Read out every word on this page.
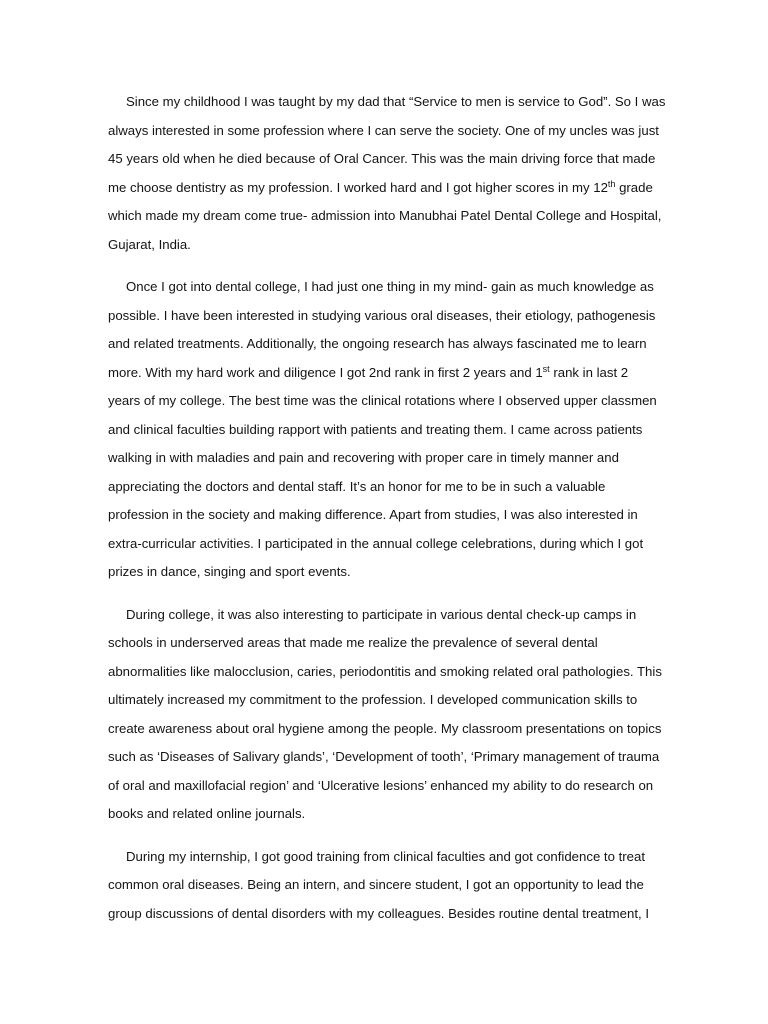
Since my childhood I was taught by my dad that “Service to men is service to God”. So I was
always interested in some profession where I can serve the society. One of my uncles was just
45 years old when he died because of Oral Cancer. This was the main driving force that made
me choose dentistry as my profession. I worked hard and I got higher scores in my 12th grade
which made my dream come true- admission into Manubhai Patel Dental College and Hospital,
Gujarat, India.
Once I got into dental college, I had just one thing in my mind- gain as much knowledge as
possible. I have been interested in studying various oral diseases, their etiology, pathogenesis
and related treatments. Additionally, the ongoing research has always fascinated me to learn
more. With my hard work and diligence I got 2nd rank in first 2 years and 1st rank in last 2
years of my college. The best time was the clinical rotations where I observed upper classmen
and clinical faculties building rapport with patients and treating them. I came across patients
walking in with maladies and pain and recovering with proper care in timely manner and
appreciating the doctors and dental staff. It’s an honor for me to be in such a valuable
profession in the society and making difference. Apart from studies, I was also interested in
extra-curricular activities. I participated in the annual college celebrations, during which I got
prizes in dance, singing and sport events.
During college, it was also interesting to participate in various dental check-up camps in
schools in underserved areas that made me realize the prevalence of several dental
abnormalities like malocclusion, caries, periodontitis and smoking related oral pathologies. This
ultimately increased my commitment to the profession. I developed communication skills to
create awareness about oral hygiene among the people. My classroom presentations on topics
such as ‘Diseases of Salivary glands’, ‘Development of tooth’, ‘Primary management of trauma
of oral and maxillofacial region’ and ‘Ulcerative lesions’ enhanced my ability to do research on
books and related online journals.
During my internship, I got good training from clinical faculties and got confidence to treat
common oral diseases. Being an intern, and sincere student, I got an opportunity to lead the
group discussions of dental disorders with my colleagues. Besides routine dental treatment, I
